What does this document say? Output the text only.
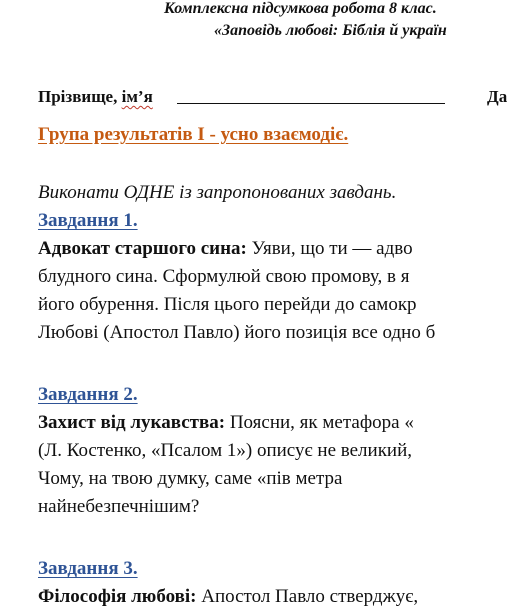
Комплексна підсумкова робота 8 клас.
«Заповідь любові: Біблія й україн
Прізвище, ім’я	Да
Група результатів І - усно взаємодіє.
Виконати ОДНЕ із запропонованих завдань.
Завдання 1.
Адвокат старшого сина: Уяви, що ти — адво
блудного сина. Сформулюй свою промову, в я
його обурення. Після цього перейди до самокр
Любові (Апостол Павло) його позиція все одно б
Завдання 2.
Захист від лукавства: Поясни, як метафора «
(Л. Костенко, «Псалом 1») описує не великий,
Чому, на твою думку, саме «пів метра
найнебезпечнішим?
Завдання 3.
Філософія любові: Апостол Павло стверджує,
